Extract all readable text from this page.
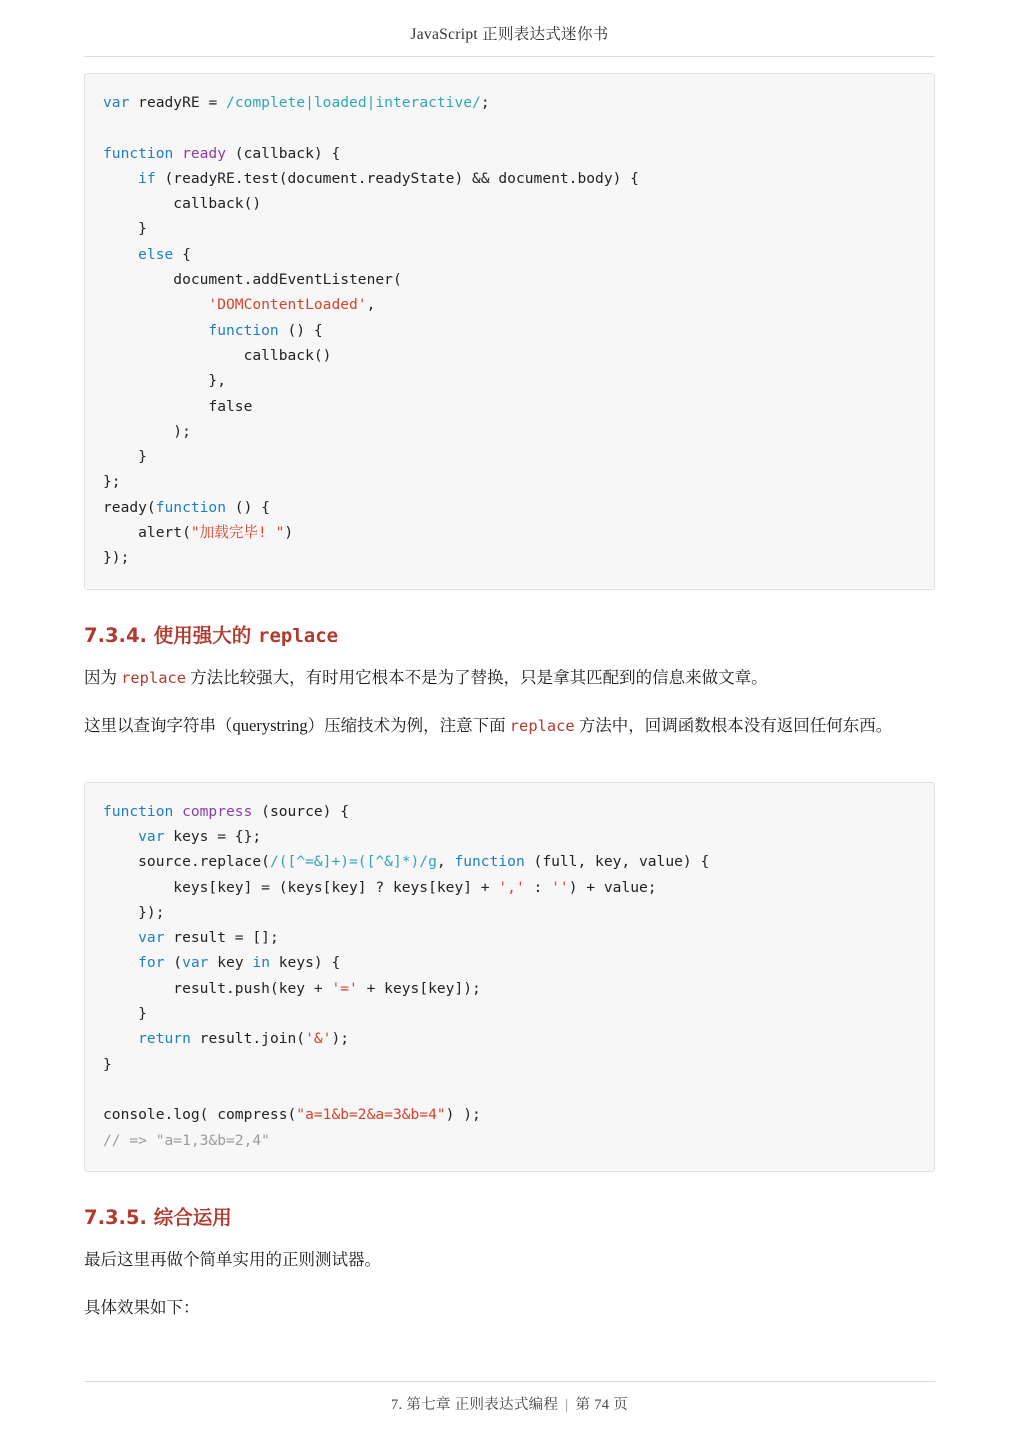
JavaScript 正则表达式迷你书
var readyRE = /complete|loaded|interactive/;

function ready (callback) {
if (readyRE.test(document.readyState) && document.body) {
callback()
}
else {
document.addEventListener(
'DOMContentLoaded',
function () {
callback()
},
false
);
}
};
ready(function () {
alert("加载完毕! ")
});
7.3.4. 使用强大的 replace

因为 replace 方法比较强大，有时用它根本不是为了替换，只是拿其匹配到的信息来做文章。

这里以查询字符串（querystring）压缩技术为例，注意下面 replace 方法中，回调函数根本没有返回任何东西。

function compress (source) {
var keys = {};
source.replace(/([^=&]+)=([^&]*)/g, function (full, key, value) {
keys[key] = (keys[key] ? keys[key] + ',' : '') + value;
});
var result = [];
for (var key in keys) {
result.push(key + '=' + keys[key]);
}
return result.join('&');
}

console.log( compress("a=1&b=2&a=3&b=4") );
// => "a=1,3&b=2,4"
7.3.5. 综合运用

最后这里再做个简单实用的正则测试器。

具体效果如下：

7. 第七章 正则表达式编程 | 第 74 页
